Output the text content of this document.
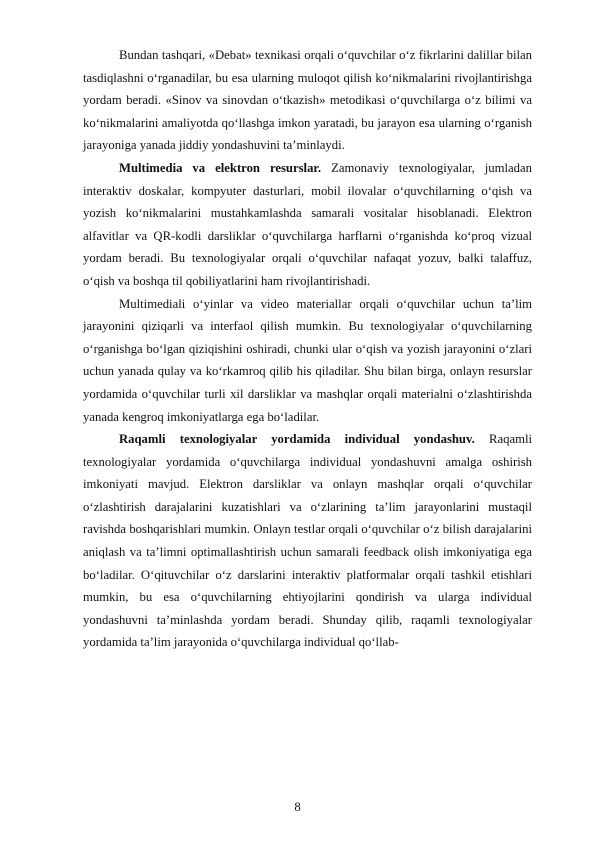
Bundan tashqari, «Debat» texnikasi orqali o‘quvchilar o‘z fikrlarini dalillar bilan tasdiqlashni o‘rganadilar, bu esa ularning muloqot qilish ko‘nikmalarini rivojlantirishga yordam beradi. «Sinov va sinovdan o‘tkazish» metodikasi o‘quvchilarga o‘z bilimi va ko‘nikmalarini amaliyotda qo‘llashga imkon yaratadi, bu jarayon esa ularning o‘rganish jarayoniga yanada jiddiy yondashuvini ta’minlaydi.

Multimedia va elektron resurslar. Zamonaviy texnologiyalar, jumladan interaktiv doskalar, kompyuter dasturlari, mobil ilovalar o‘quvchilarning o‘qish va yozish ko‘nikmalarini mustahkamlashda samarali vositalar hisoblanadi. Elektron alfavitlar va QR-kodli darsliklar o‘quvchilarga harflarni o‘rganishda ko‘proq vizual yordam beradi. Bu texnologiyalar orqali o‘quvchilar nafaqat yozuv, balki talaffuz, o‘qish va boshqa til qobiliyatlarini ham rivojlantirishadi.

Multimediali o‘yinlar va video materiallar orqali o‘quvchilar uchun ta’lim jarayonini qiziqarli va interfaol qilish mumkin. Bu texnologiyalar o‘quvchilarning o‘rganishga bo‘lgan qiziqishini oshiradi, chunki ular o‘qish va yozish jarayonini o‘zlari uchun yanada qulay va ko‘rkamroq qilib his qiladilar. Shu bilan birga, onlayn resurslar yordamida o‘quvchilar turli xil darsliklar va mashqlar orqali materialni o‘zlashtirishda yanada kengroq imkoniyatlarga ega bo‘ladilar.

Raqamli texnologiyalar yordamida individual yondashuv. Raqamli texnologiyalar yordamida o‘quvchilarga individual yondashuvni amalga oshirish imkoniyati mavjud. Elektron darsliklar va onlayn mashqlar orqali o‘quvchilar o‘zlashtirish darajalarini kuzatishlari va o‘zlarining ta’lim jarayonlarini mustaqil ravishda boshqarishlari mumkin. Onlayn testlar orqali o‘quvchilar o‘z bilish darajalarini aniqlash va ta’limni optimallashtirish uchun samarali feedback olish imkoniyatiga ega bo‘ladilar. O‘qituvchilar o‘z darslarini interaktiv platformalar orqali tashkil etishlari mumkin, bu esa o‘quvchilarning ehtiyojlarini qondirish va ularga individual yondashuvni ta’minlashda yordam beradi. Shunday qilib, raqamli texnologiyalar yordamida ta’lim jarayonida o‘quvchilarga individual qo‘llab-

8
